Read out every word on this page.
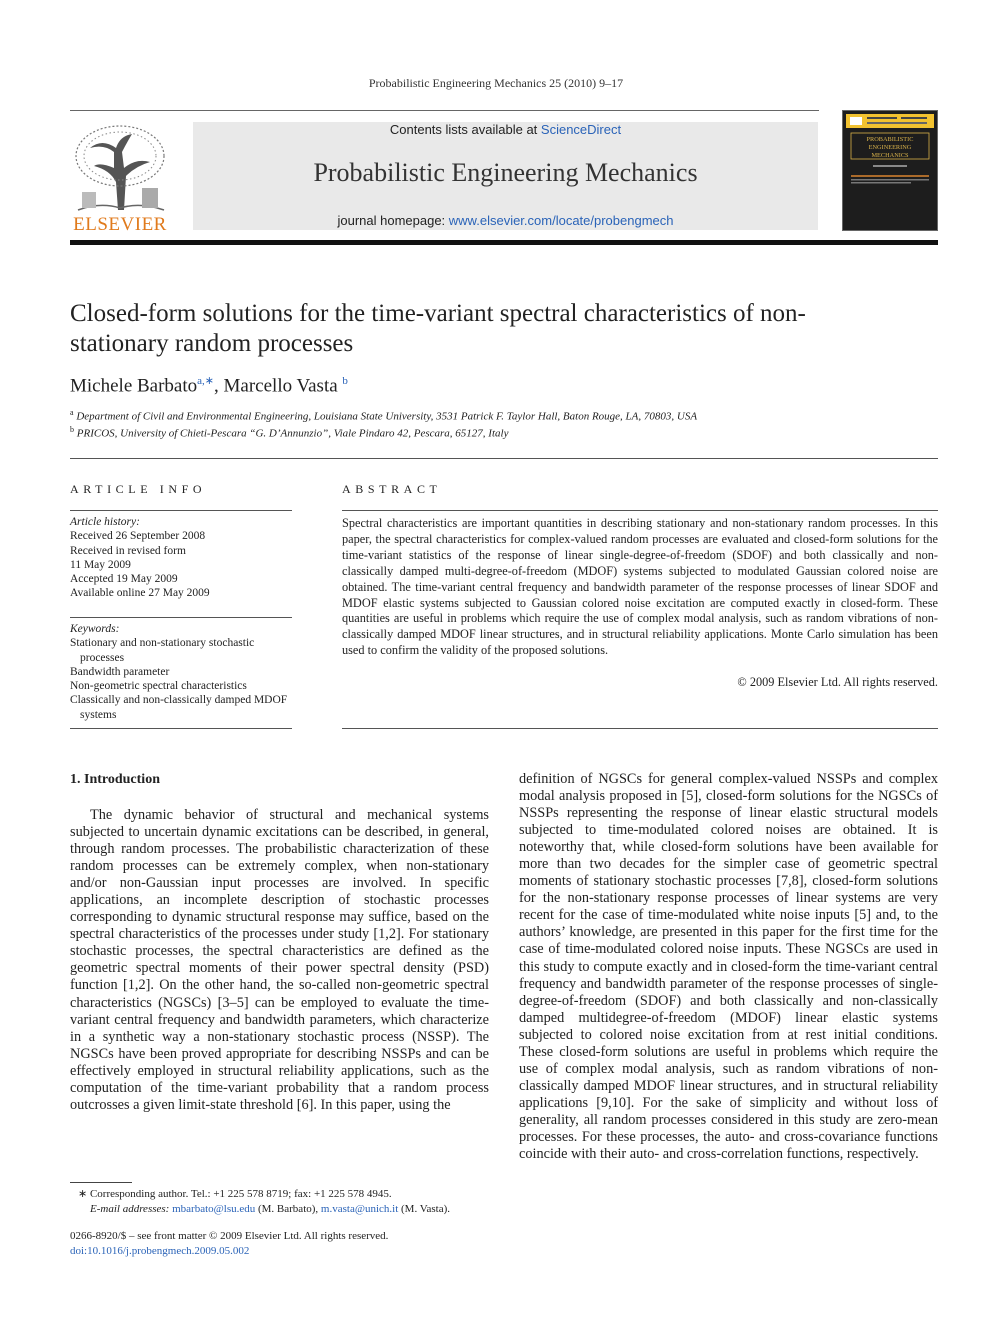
Probabilistic Engineering Mechanics 25 (2010) 9–17
ELSEVIER
Contents lists available at ScienceDirect
Probabilistic Engineering Mechanics
journal homepage: www.elsevier.com/locate/probengmech
PROBABILISTIC
ENGINEERING
MECHANICS
Closed-form solutions for the time-variant spectral characteristics of non-stationary random processes
Michele Barbato$^{a,∗}$, Marcello Vasta $^b$
$^a$ Department of Civil and Environmental Engineering, Louisiana State University, 3531 Patrick F. Taylor Hall, Baton Rouge, LA, 70803, USA
$^b$ PRICOS, University of Chieti-Pescara “G. D’Annunzio”, Viale Pindaro 42, Pescara, 65127, Italy
ARTICLE INFO
Article history:
Received 26 September 2008
Received in revised form
11 May 2009
Accepted 19 May 2009
Available online 27 May 2009
Keywords:
Stationary and non-stationary stochastic processes
Bandwidth parameter
Non-geometric spectral characteristics
Classically and non-classically damped MDOF systems
ABSTRACT
Spectral characteristics are important quantities in describing stationary and non-stationary random processes. In this paper, the spectral characteristics for complex-valued random processes are evaluated and closed-form solutions for the time-variant statistics of the response of linear single-degree-of-freedom (SDOF) and both classically and non-classically damped multi-degree-of-freedom (MDOF) systems subjected to modulated Gaussian colored noise are obtained. The time-variant central frequency and bandwidth parameter of the response processes of linear SDOF and MDOF elastic systems subjected to Gaussian colored noise excitation are computed exactly in closed-form. These quantities are useful in problems which require the use of complex modal analysis, such as random vibrations of non-classically damped MDOF linear structures, and in structural reliability applications. Monte Carlo simulation has been used to confirm the validity of the proposed solutions.
© 2009 Elsevier Ltd. All rights reserved.
1. Introduction
The dynamic behavior of structural and mechanical systems subjected to uncertain dynamic excitations can be described, in general, through random processes. The probabilistic characterization of these random processes can be extremely complex, when non-stationary and/or non-Gaussian input processes are involved. In specific applications, an incomplete description of stochastic processes corresponding to dynamic structural response may suffice, based on the spectral characteristics of the processes under study [1,2]. For stationary stochastic processes, the spectral characteristics are defined as the geometric spectral moments of their power spectral density (PSD) function [1,2]. On the other hand, the so-called non-geometric spectral characteristics (NGSCs) [3–5] can be employed to evaluate the time-variant central frequency and bandwidth parameters, which characterize in a synthetic way a non-stationary stochastic process (NSSP). The NGSCs have been proved appropriate for describing NSSPs and can be effectively employed in structural reliability applications, such as the computation of the time-variant probability that a random process outcrosses a given limit-state threshold [6]. In this paper, using the
definition of NGSCs for general complex-valued NSSPs and complex modal analysis proposed in [5], closed-form solutions for the NGSCs of NSSPs representing the response of linear elastic structural models subjected to time-modulated colored noises are obtained. It is noteworthy that, while closed-form solutions have been available for more than two decades for the simpler case of geometric spectral moments of stationary stochastic processes [7,8], closed-form solutions for the non-stationary response processes of linear systems are very recent for the case of time-modulated white noise inputs [5] and, to the authors’ knowledge, are presented in this paper for the first time for the case of time-modulated colored noise inputs. These NGSCs are used in this study to compute exactly and in closed-form the time-variant central frequency and bandwidth parameter of the response processes of single-degree-of-freedom (SDOF) and both classically and non-classically damped multidegree-of-freedom (MDOF) linear elastic systems subjected to colored noise excitation from at rest initial conditions. These closed-form solutions are useful in problems which require the use of complex modal analysis, such as random vibrations of non-classically damped MDOF linear structures, and in structural reliability applications [9,10]. For the sake of simplicity and without loss of generality, all random processes considered in this study are zero-mean processes. For these processes, the auto- and cross-covariance functions coincide with their auto- and cross-correlation functions, respectively.
∗ Corresponding author. Tel.: +1 225 578 8719; fax: +1 225 578 4945.
E-mail addresses: mbarbato@lsu.edu (M. Barbato), m.vasta@unich.it (M. Vasta).
0266-8920/$ – see front matter © 2009 Elsevier Ltd. All rights reserved.
doi:10.1016/j.probengmech.2009.05.002
